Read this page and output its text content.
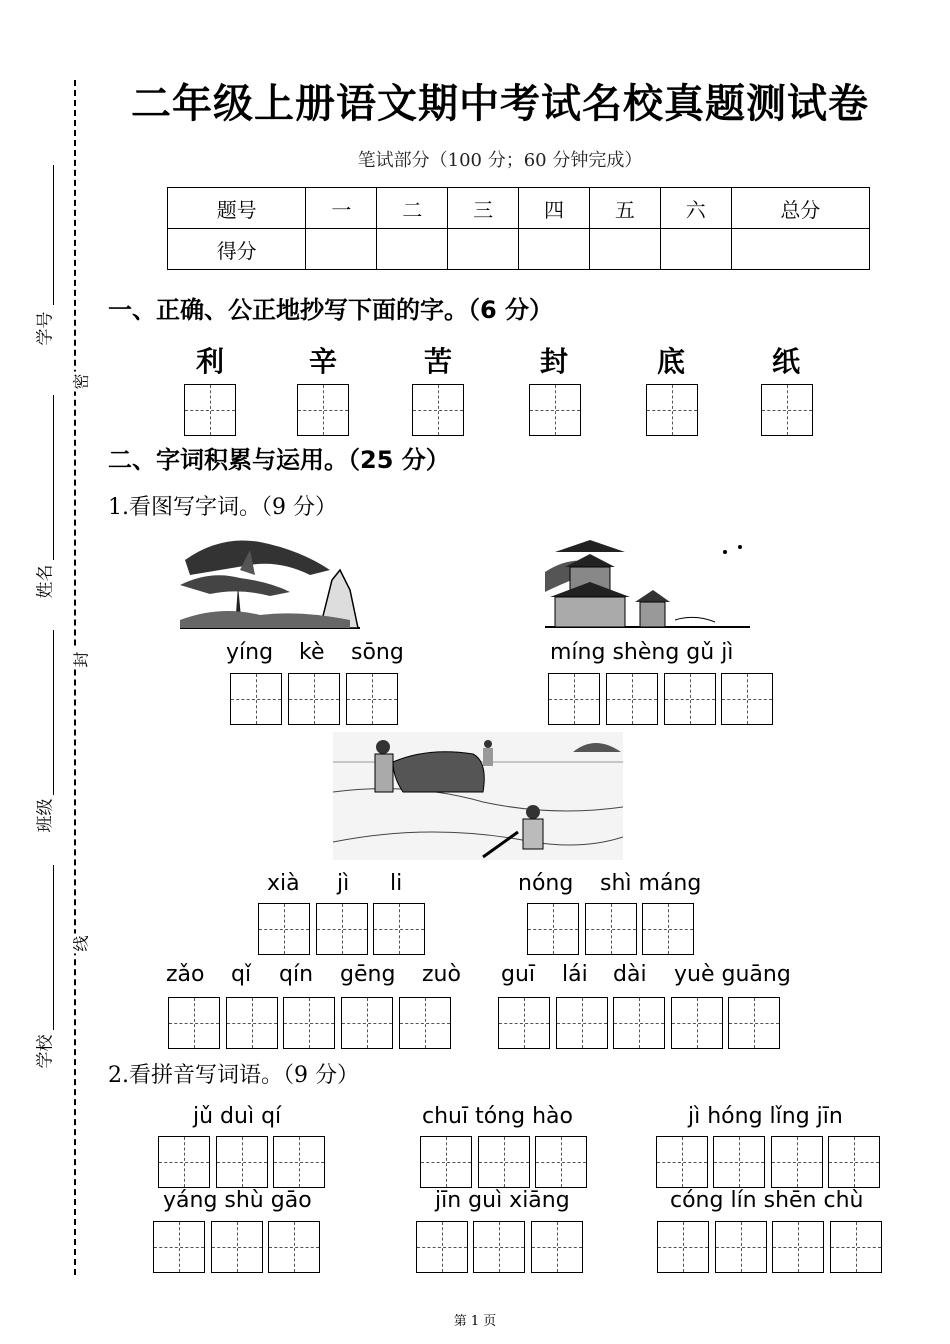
学号
密
姓名
封
班级
线
学校
二年级上册语文期中考试名校真题测试卷
笔试部分（100 分；60 分钟完成）
题号	一	二	三	四	五	六	总分
得分							
一、正确、公正地抄写下面的字。（6 分）
利	辛	苦	封	底	纸
二、字词积累与运用。（25 分）
1.看图写字词。（9 分）
yíng kè sōng	míng shèng gǔ jì
xià jì li	nóng shì máng
zǎo qǐ qín gēng zuò guī lái dài yuè guāng
2.看拼音写词语。（9 分）
jǔ duì qí	chuī tóng hào	jì hóng lǐng jīn
yáng shù gāo	jīn guì xiāng	cóng lín shēn chù
第 1 页
